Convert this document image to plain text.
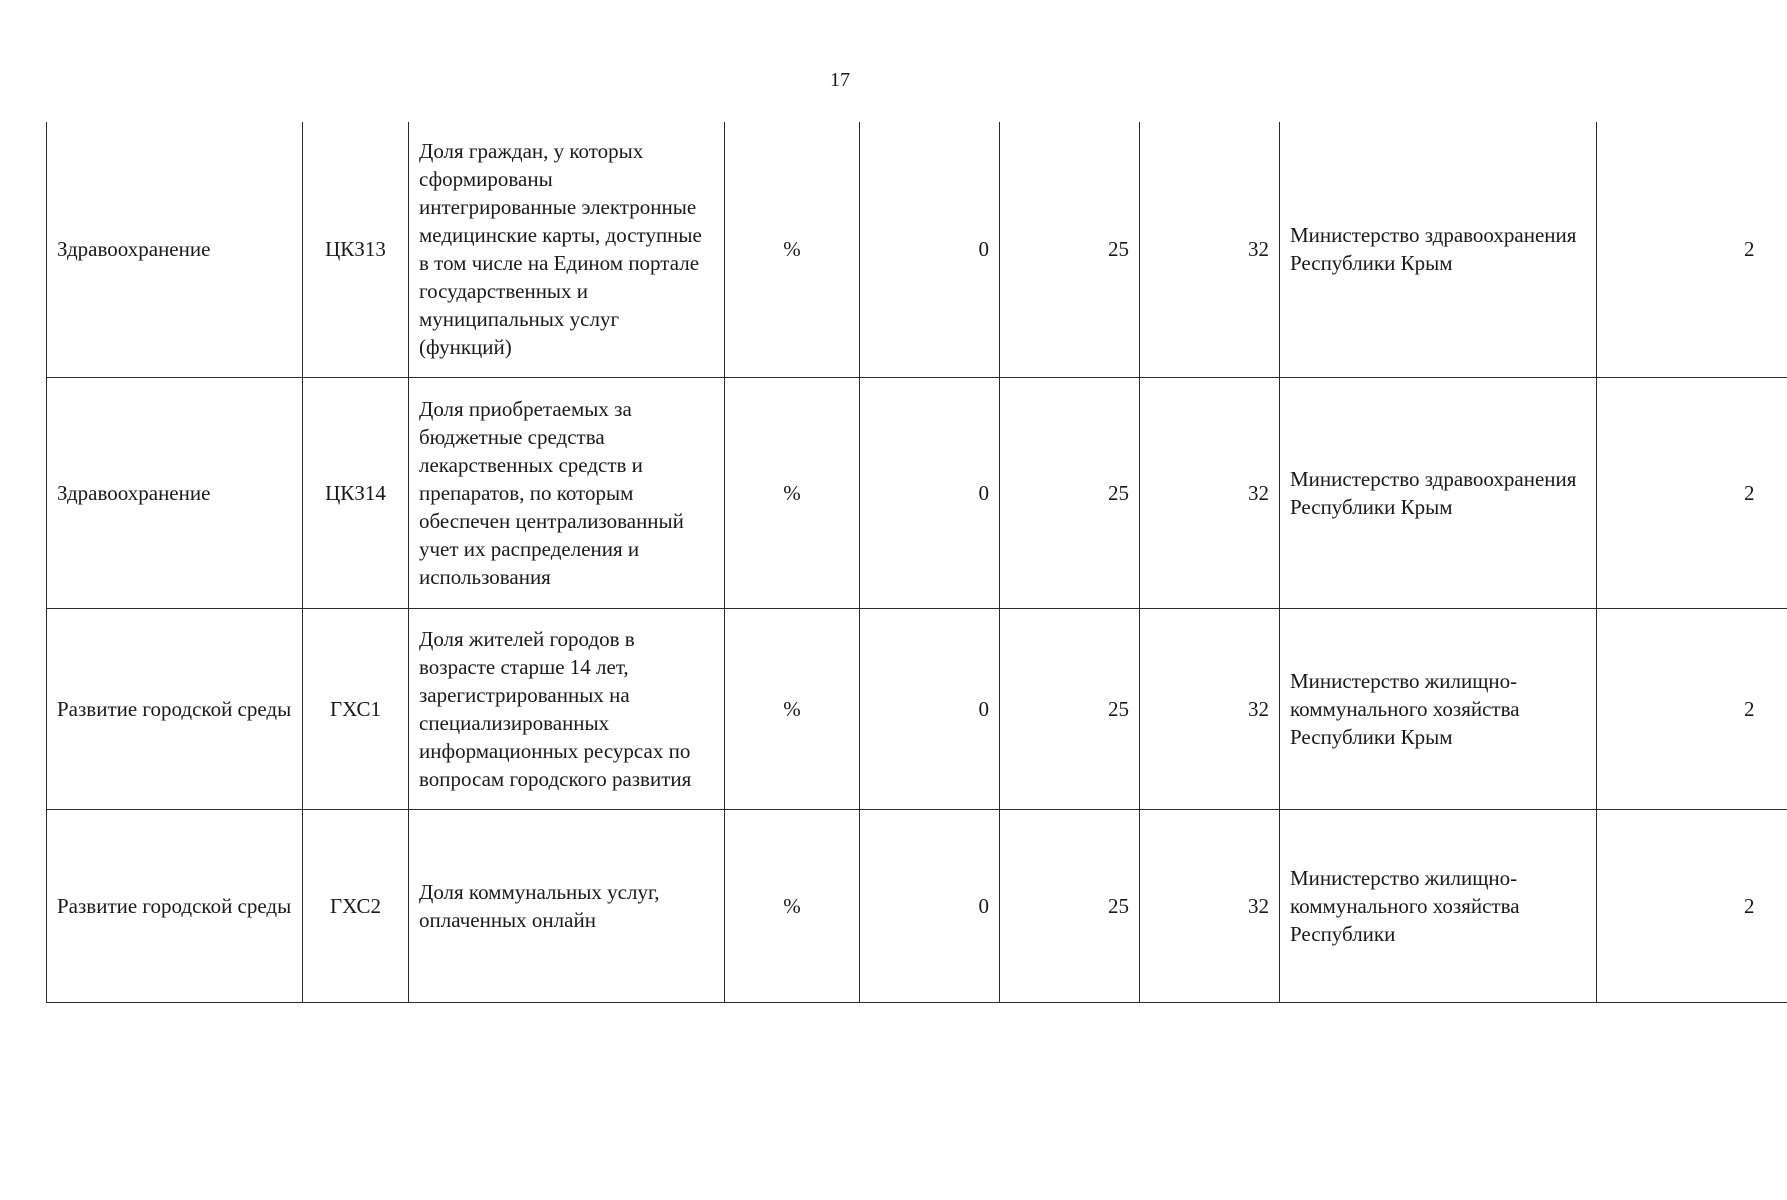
17
Здравоохранение	ЦКЗ13	Доля граждан, у которых сформированы интегрированные электронные медицинские карты, доступные в том числе на Едином портале государственных и муниципальных услуг (функций)	%	0	25	32	Министерство здравоохранения Республики Крым	2
Здравоохранение	ЦКЗ14	Доля приобретаемых за бюджетные средства лекарственных средств и препаратов, по которым обеспечен централизованный учет их распределения и использования	%	0	25	32	Министерство здравоохранения Республики Крым	2
Развитие городской среды	ГХС1	Доля жителей городов в возрасте старше 14 лет, зарегистрированных на специализированных информационных ресурсах по вопросам городского развития	%	0	25	32	Министерство жилищно-коммунального хозяйства Республики Крым	2
Развитие городской среды	ГХС2	Доля коммунальных услуг, оплаченных онлайн	%	0	25	32	Министерство жилищно-коммунального хозяйства Республики	2
